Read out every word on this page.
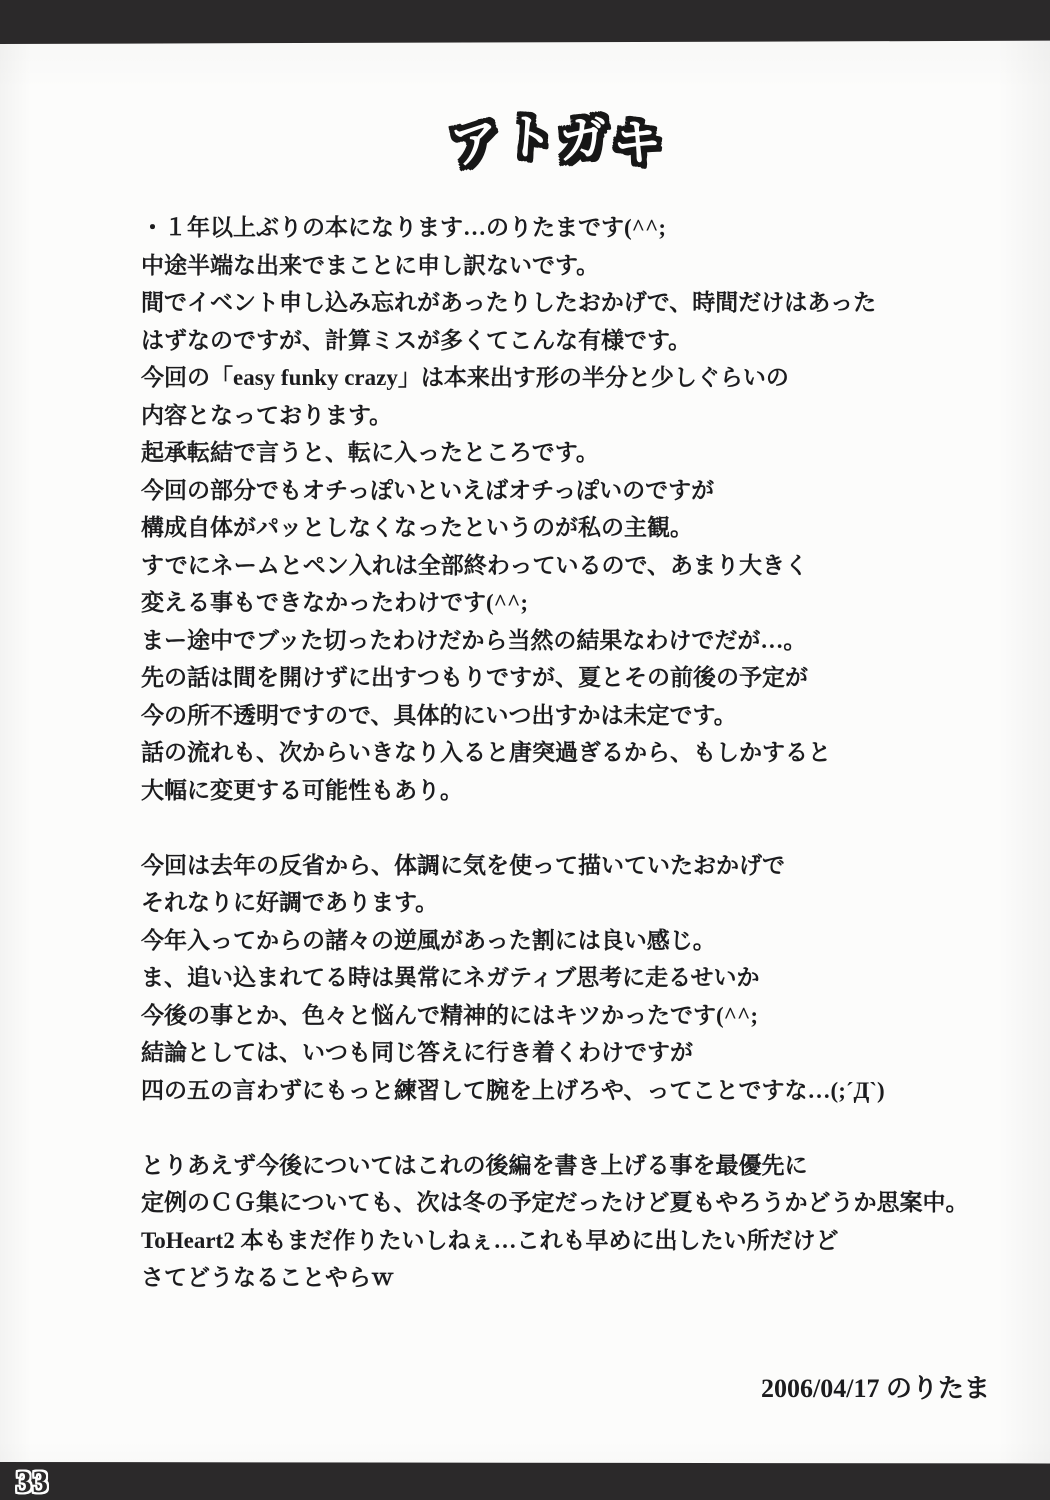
アトガキ

・１年以上ぶりの本になります…のりたまです(^^;
中途半端な出来でまことに申し訳ないです。
間でイベント申し込み忘れがあったりしたおかげで、時間だけはあった
はずなのですが、計算ミスが多くてこんな有様です。
今回の「easy funky crazy」は本来出す形の半分と少しぐらいの
内容となっております。
起承転結で言うと、転に入ったところです。
今回の部分でもオチっぽいといえばオチっぽいのですが
構成自体がパッとしなくなったというのが私の主観。
すでにネームとペン入れは全部終わっているので、あまり大きく
変える事もできなかったわけです(^^;
まー途中でブッた切ったわけだから当然の結果なわけでだが…。
先の話は間を開けずに出すつもりですが、夏とその前後の予定が
今の所不透明ですので、具体的にいつ出すかは未定です。
話の流れも、次からいきなり入ると唐突過ぎるから、もしかすると
大幅に変更する可能性もあり。

今回は去年の反省から、体調に気を使って描いていたおかげで
それなりに好調であります。
今年入ってからの諸々の逆風があった割には良い感じ。
ま、追い込まれてる時は異常にネガティブ思考に走るせいか
今後の事とか、色々と悩んで精神的にはキツかったです(^^;
結論としては、いつも同じ答えに行き着くわけですが
四の五の言わずにもっと練習して腕を上げろや、ってことですな…(;´Д`)

とりあえず今後についてはこれの後編を書き上げる事を最優先に
定例のＣＧ集についても、次は冬の予定だったけど夏もやろうかどうか思案中。
ToHeart2 本もまだ作りたいしねぇ…これも早めに出したい所だけど
さてどうなることやらｗ

2006/04/17 のりたま
33
